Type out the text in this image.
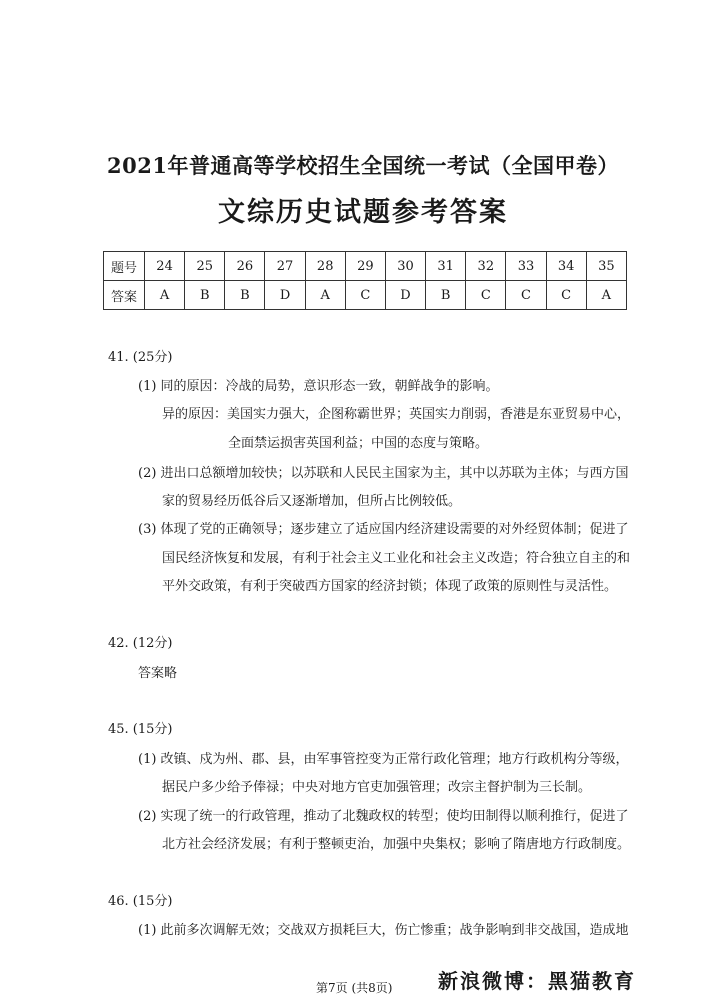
2021年普通高等学校招生全国统一考试（全国甲卷）
文综历史试题参考答案
题号	24	25	26	27	28	29	30	31	32	33	34	35
答案	A	B	B	D	A	C	D	B	C	C	C	A
41. (25分)
(1) 同的原因：冷战的局势，意识形态一致，朝鲜战争的影响。
异的原因：美国实力强大，企图称霸世界；英国实力削弱，香港是东亚贸易中心，
全面禁运损害英国利益；中国的态度与策略。
(2) 进出口总额增加较快；以苏联和人民民主国家为主，其中以苏联为主体；与西方国
家的贸易经历低谷后又逐渐增加，但所占比例较低。
(3) 体现了党的正确领导；逐步建立了适应国内经济建设需要的对外经贸体制；促进了
国民经济恢复和发展，有利于社会主义工业化和社会主义改造；符合独立自主的和
平外交政策，有利于突破西方国家的经济封锁；体现了政策的原则性与灵活性。
42. (12分)
答案略
45. (15分)
(1) 改镇、戍为州、郡、县，由军事管控变为正常行政化管理；地方行政机构分等级，
据民户多少给予俸禄；中央对地方官吏加强管理；改宗主督护制为三长制。
(2) 实现了统一的行政管理，推动了北魏政权的转型；使均田制得以顺利推行，促进了
北方社会经济发展；有利于整顿吏治，加强中央集权；影响了隋唐地方行政制度。
46. (15分)
(1) 此前多次调解无效；交战双方损耗巨大，伤亡惨重；战争影响到非交战国，造成地
第7页 (共8页) 新浪微博：黑猫教育
